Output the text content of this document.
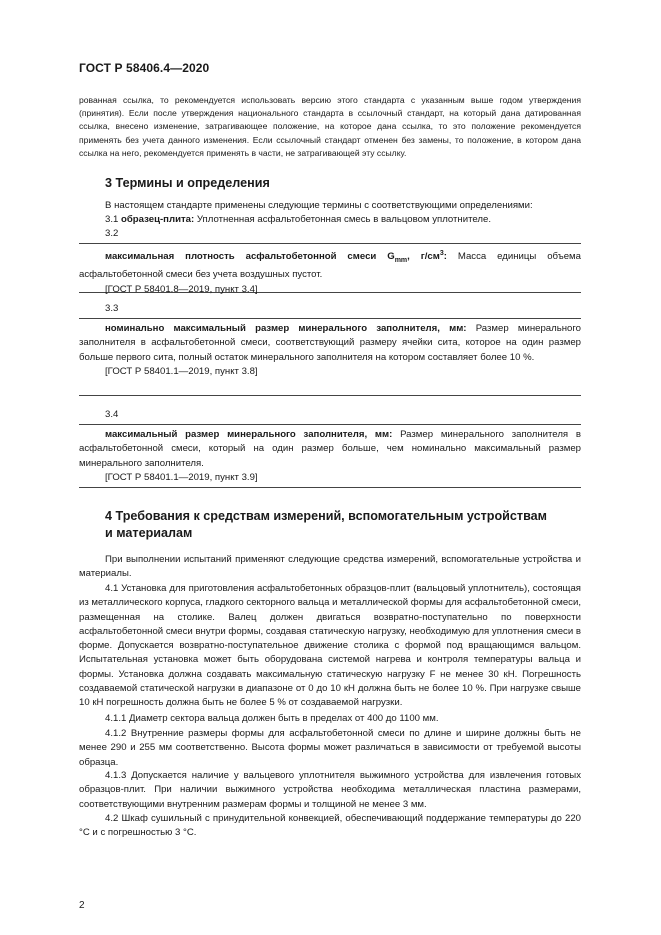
ГОСТ Р 58406.4—2020

рованная ссылка, то рекомендуется использовать версию этого стандарта с указанным выше годом утверждения (принятия). Если после утверждения национального стандарта в ссылочный стандарт, на который дана датированная ссылка, внесено изменение, затрагивающее положение, на которое дана ссылка, то это положение рекомендуется применять без учета данного изменения. Если ссылочный стандарт отменен без замены, то положение, в котором дана ссылка на него, рекомендуется применять в части, не затрагивающей эту ссылку.

3 Термины и определения

В настоящем стандарте применены следующие термины с соответствующими определениями:

3.1 образец-плита: Уплотненная асфальтобетонная смесь в вальцовом уплотнителе.

3.2

максимальная плотность асфальтобетонной смеси $G_{mm}$, $г/см^3$: Масса единицы объема асфальтобетонной смеси без учета воздушных пустот.

[ГОСТ Р 58401.8—2019, пункт 3.4]

3.3

номинально максимальный размер минерального заполнителя, мм: Размер минерального заполнителя в асфальтобетонной смеси, соответствующий размеру ячейки сита, которое на один размер больше первого сита, полный остаток минерального заполнителя на котором составляет более 10 %.

[ГОСТ Р 58401.1—2019, пункт 3.8]

3.4

максимальный размер минерального заполнителя, мм: Размер минерального заполнителя в асфальтобетонной смеси, который на один размер больше, чем номинально максимальный размер минерального заполнителя.

[ГОСТ Р 58401.1—2019, пункт 3.9]

4 Требования к средствам измерений, вспомогательным устройствам
и материалам

При выполнении испытаний применяют следующие средства измерений, вспомогательные устройства и материалы.

4.1 Установка для приготовления асфальтобетонных образцов-плит (вальцовый уплотнитель), состоящая из металлического корпуса, гладкого секторного вальца и металлической формы для асфальтобетонной смеси, размещенная на столике. Валец должен двигаться возвратно-поступательно по поверхности асфальтобетонной смеси внутри формы, создавая статическую нагрузку, необходимую для уплотнения смеси в форме. Допускается возвратно-поступательное движение столика с формой под вращающимся вальцом. Испытательная установка может быть оборудована системой нагрева и контроля температуры вальца и формы. Установка должна создавать максимальную статическую нагрузку F не менее 30 кН. Погрешность создаваемой статической нагрузки в диапазоне от 0 до 10 кН должна быть не более 10 %. При нагрузке свыше 10 кН погрешность должна быть не более 5 % от создаваемой нагрузки.

4.1.1 Диаметр сектора вальца должен быть в пределах от 400 до 1100 мм.

4.1.2 Внутренние размеры формы для асфальтобетонной смеси по длине и ширине должны быть не менее 290 и 255 мм соответственно. Высота формы может различаться в зависимости от требуемой высоты образца.

4.1.3 Допускается наличие у вальцевого уплотнителя выжимного устройства для извлечения готовых образцов-плит. При наличии выжимного устройства необходима металлическая пластина размерами, соответствующими внутренним размерам формы и толщиной не менее 3 мм.

4.2 Шкаф сушильный с принудительной конвекцией, обеспечивающий поддержание температуры до 220 °С и с погрешностью 3 °С.

2
